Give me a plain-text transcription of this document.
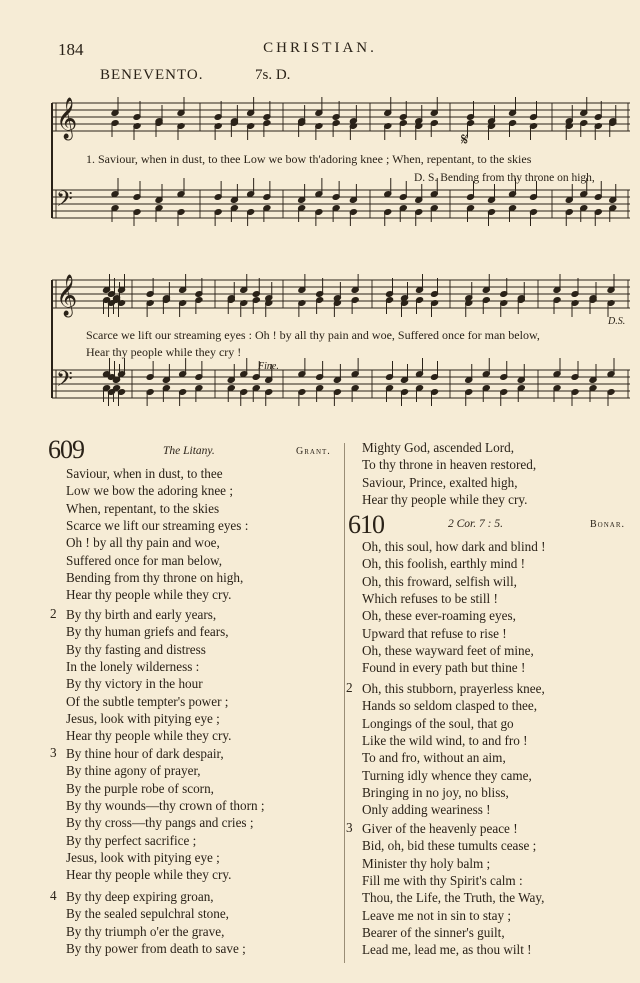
184	CHRISTIAN.
BENEVENTO.	7s. D.
𝄞
𝄢
𝄞
𝄢
1. Saviour, when in dust, to thee Low we bow th'adoring knee ; When, repentant, to the skies
D. S. Bending from thy throne on high,
Scarce we lift our streaming eyes : Oh ! by all thy pain and woe, Suffered once for man below,
Hear thy people while they cry !
Fine.
D.S.
𝄋
609	The Litany.	Grant.
Saviour, when in dust, to thee
Low we bow the adoring knee ;
When, repentant, to the skies
Scarce we lift our streaming eyes :
Oh ! by all thy pain and woe,
Suffered once for man below,
Bending from thy throne on high,
Hear thy people while they cry.
2 By thy birth and early years,
By thy human griefs and fears,
By thy fasting and distress
In the lonely wilderness :
By thy victory in the hour
Of the subtle tempter's power ;
Jesus, look with pitying eye ;
Hear thy people while they cry.
3 By thine hour of dark despair,
By thine agony of prayer,
By the purple robe of scorn,
By thy wounds—thy crown of thorn ;
By thy cross—thy pangs and cries ;
By thy perfect sacrifice ;
Jesus, look with pitying eye ;
Hear thy people while they cry.
4 By thy deep expiring groan,
By the sealed sepulchral stone,
By thy triumph o'er the grave,
By thy power from death to save ;
Mighty God, ascended Lord,
To thy throne in heaven restored,
Saviour, Prince, exalted high,
Hear thy people while they cry.
610	2 Cor. 7 : 5.	Bonar.
Oh, this soul, how dark and blind !
Oh, this foolish, earthly mind !
Oh, this froward, selfish will,
Which refuses to be still !
Oh, these ever-roaming eyes,
Upward that refuse to rise !
Oh, these wayward feet of mine,
Found in every path but thine !
2 Oh, this stubborn, prayerless knee,
Hands so seldom clasped to thee,
Longings of the soul, that go
Like the wild wind, to and fro !
To and fro, without an aim,
Turning idly whence they came,
Bringing in no joy, no bliss,
Only adding weariness !
3 Giver of the heavenly peace !
Bid, oh, bid these tumults cease ;
Minister thy holy balm ;
Fill me with thy Spirit's calm :
Thou, the Life, the Truth, the Way,
Leave me not in sin to stay ;
Bearer of the sinner's guilt,
Lead me, lead me, as thou wilt !
